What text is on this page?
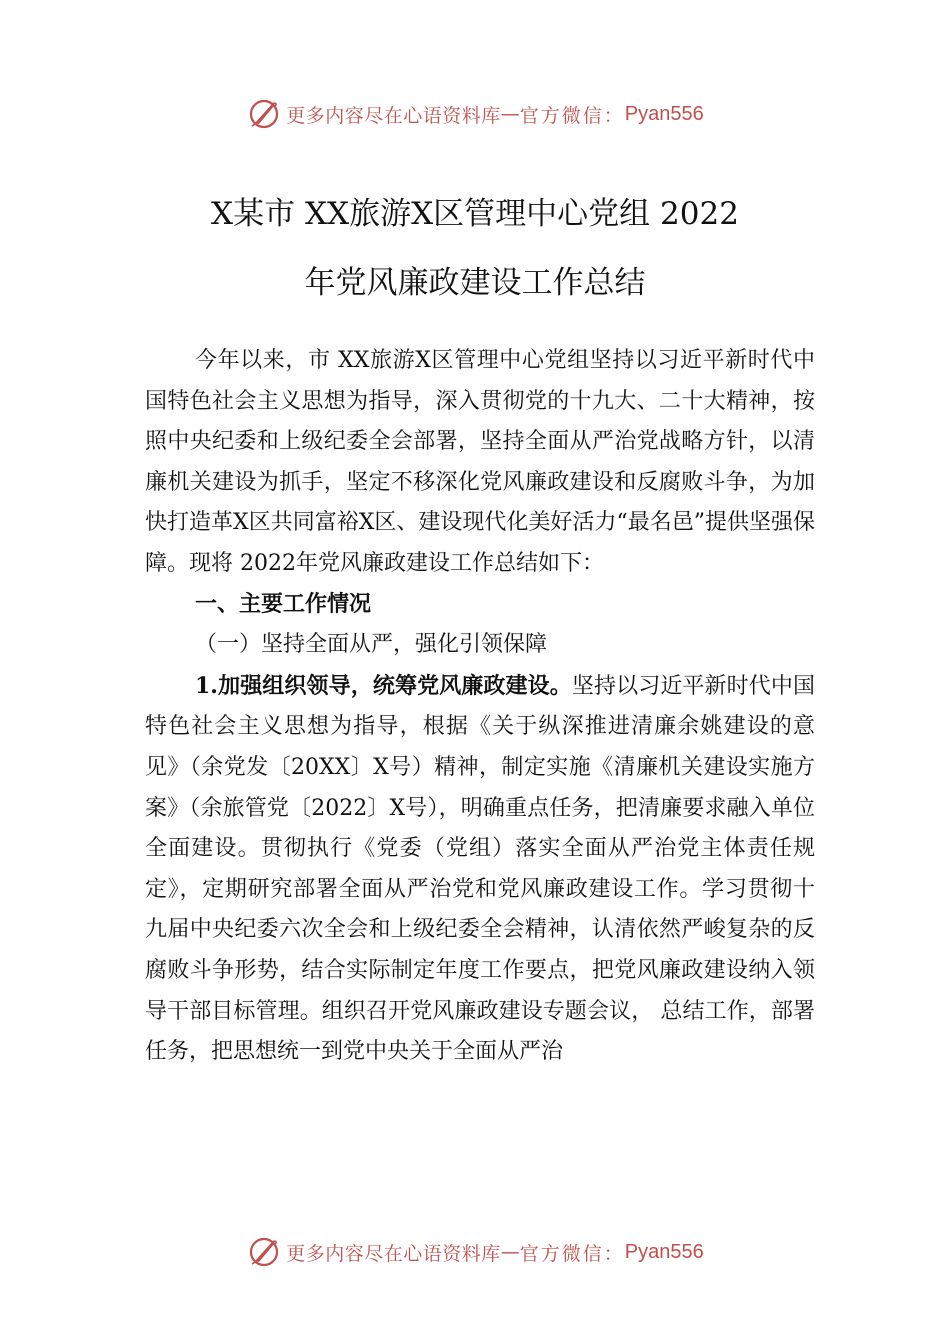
更多内容尽在心语资料库 — 官方微信： Pyan556
X某市 XX旅游X区管理中心党组 2022
年党风廉政建设工作总结

今年以来，市 XX旅游X区管理中心党组坚持以习近平新时代中国特色社会主义思想为指导，深入贯彻党的十九大、二十大精神，按照中央纪委和上级纪委全会部署，坚持全面从严治党战略方针，以清廉机关建设为抓手，坚定不移深化党风廉政建设和反腐败斗争，为加快打造革X区共同富裕X区、建设现代化美好活力“最名邑”提供坚强保障。现将 2022年党风廉政建设工作总结如下：

一、主要工作情况

（一）坚持全面从严，强化引领保障

1.加强组织领导，统筹党风廉政建设。坚持以习近平新时代中国特色社会主义思想为指导，根据《关于纵深推进清廉余姚建设的意见》（余党发〔20XX〕X号）精神，制定实施《清廉机关建设实施方案》（余旅管党〔2022〕X号），明确重点任务，把清廉要求融入单位全面建设。贯彻执行《党委（党组）落实全面从严治党主体责任规定》，定期研究部署全面从严治党和党风廉政建设工作。学习贯彻十九届中央纪委六次全会和上级纪委全会精神，认清依然严峻复杂的反腐败斗争形势，结合实际制定年度工作要点，把党风廉政建设纳入领导干部目标管理。组织召开党风廉政建设专题会议， 总结工作，部署任务，把思想统一到党中央关于全面从严治

更多内容尽在心语资料库 — 官方微信： Pyan556
